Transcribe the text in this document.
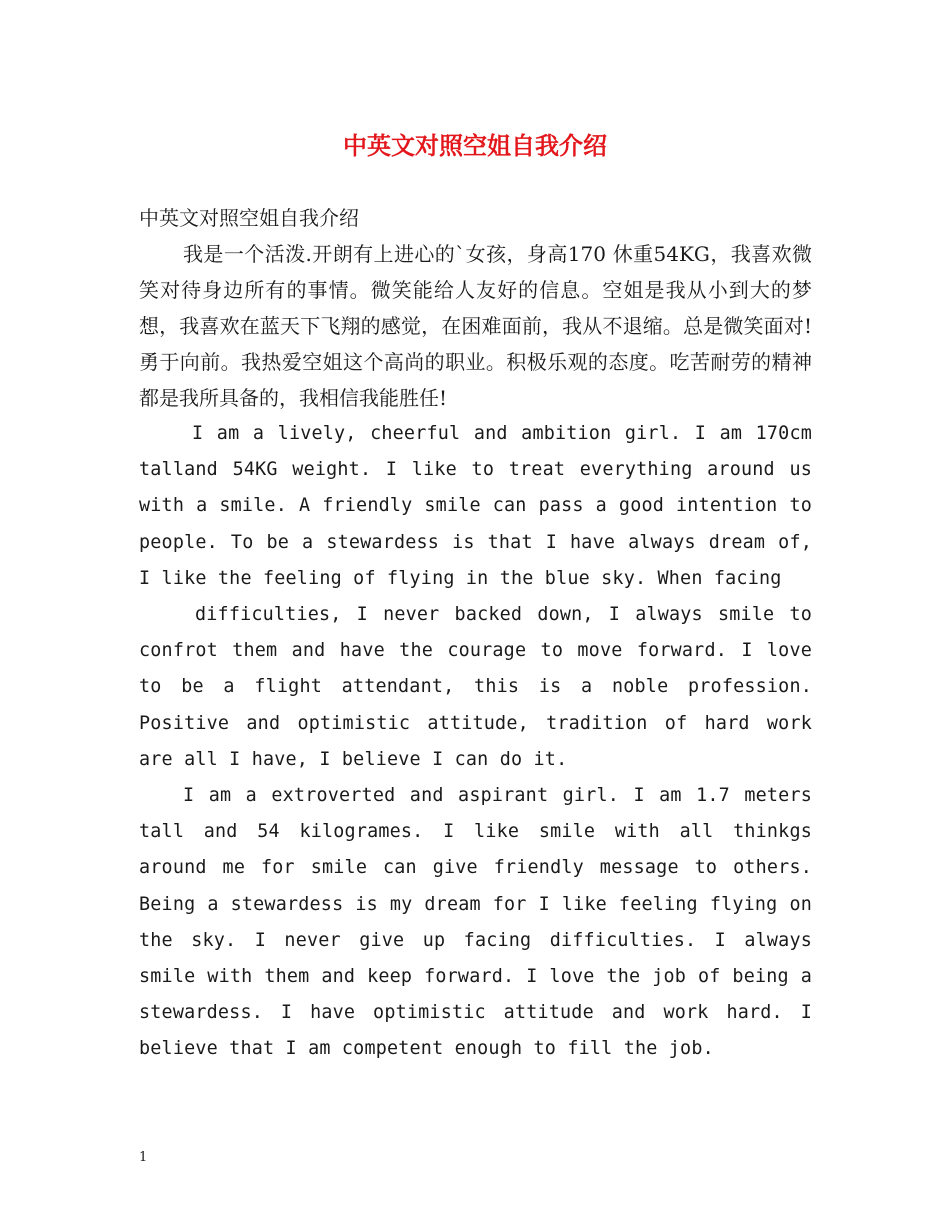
中英文对照空姐自我介绍

中英文对照空姐自我介绍

我是一个活泼.开朗有上进心的`女孩，身高170 休重54KG，我喜欢微笑对待身边所有的事情。微笑能给人友好的信息。空姐是我从小到大的梦想，我喜欢在蓝天下飞翔的感觉，在困难面前，我从不退缩。总是微笑面对!勇于向前。我热爱空姐这个高尚的职业。积极乐观的态度。吃苦耐劳的精神都是我所具备的，我相信我能胜任!

I am a lively, cheerful and ambition girl. I am 170cm talland 54KG weight. I like to treat everything around us with a smile. A friendly smile can pass a good intention to people. To be a stewardess is that I have always dream of, I like the feeling of flying in the blue sky. When facing

difficulties, I never backed down, I always smile to confrot them and have the courage to move forward. I love to be a flight attendant, this is a noble profession. Positive and optimistic attitude, tradition of hard work are all I have, I believe I can do it.

I am a extroverted and aspirant girl. I am 1.7 meters tall and 54 kilogrames. I like smile with all thinkgs around me for smile can give friendly message to others. Being a stewardess is my dream for I like feeling flying on the sky. I never give up facing difficulties. I always smile with them and keep forward. I love the job of being a stewardess. I have optimistic attitude and work hard. I believe that I am competent enough to fill the job.

1
